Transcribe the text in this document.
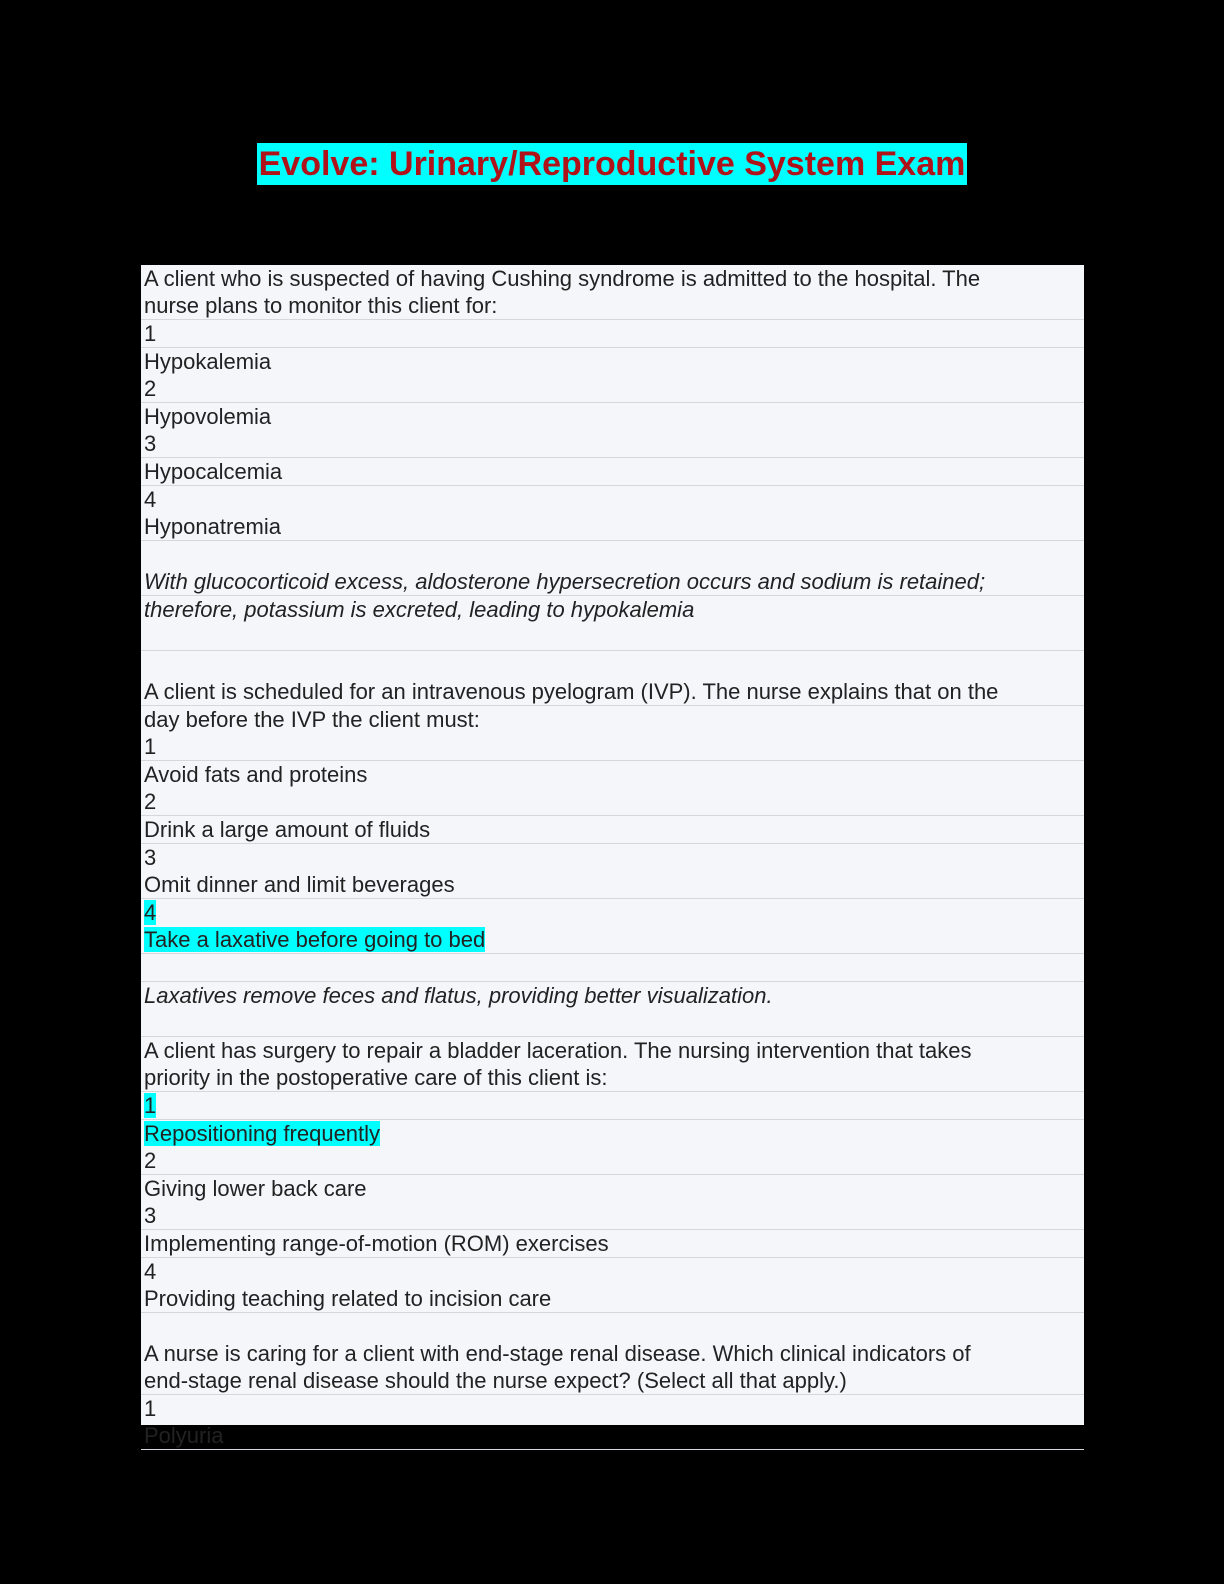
Evolve: Urinary/Reproductive System Exam
A client who is suspected of having Cushing syndrome is admitted to the hospital. The
nurse plans to monitor this client for:
1
Hypokalemia
2
Hypovolemia
3
Hypocalcemia
4
Hyponatremia

With glucocorticoid excess, aldosterone hypersecretion occurs and sodium is retained;
therefore, potassium is excreted, leading to hypokalemia

A client is scheduled for an intravenous pyelogram (IVP). The nurse explains that on the
day before the IVP the client must:
1
Avoid fats and proteins
2
Drink a large amount of fluids
3
Omit dinner and limit beverages
4
Take a laxative before going to bed

Laxatives remove feces and flatus, providing better visualization.

A client has surgery to repair a bladder laceration. The nursing intervention that takes
priority in the postoperative care of this client is:
1
Repositioning frequently
2
Giving lower back care
3
Implementing range-of-motion (ROM) exercises
4
Providing teaching related to incision care

A nurse is caring for a client with end-stage renal disease. Which clinical indicators of
end-stage renal disease should the nurse expect? (Select all that apply.)
1
Polyuria
